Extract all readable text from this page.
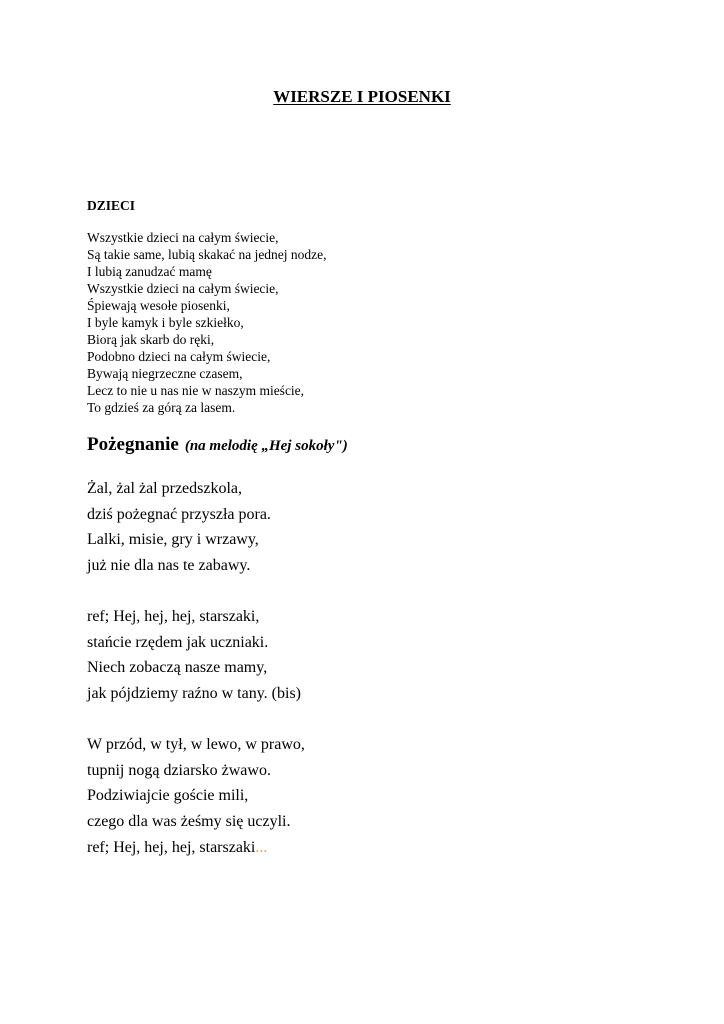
WIERSZE I PIOSENKI
DZIECI
Wszystkie dzieci na całym świecie,
Są takie same, lubią skakać na jednej nodze,
I lubią zanudzać mamę
Wszystkie dzieci na całym świecie,
Śpiewają wesołe piosenki,
I byle kamyk i byle szkiełko,
Biorą jak skarb do ręki,
Podobno dzieci na całym świecie,
Bywają niegrzeczne czasem,
Lecz to nie u nas nie w naszym mieście,
To gdzieś za górą za lasem.
Pożegnanie (na melodię „Hej sokoły")
Żal, żal żal przedszkola,
dziś pożegnać przyszła pora.
Lalki, misie, gry i wrzawy,
już nie dla nas te zabawy.
ref; Hej, hej, hej, starszaki,
stańcie rzędem jak uczniaki.
Niech zobaczą nasze mamy,
jak pójdziemy raźno w tany. (bis)
W przód, w tył, w lewo, w prawo,
tupnij nogą dziarsko żwawo.
Podziwiajcie goście mili,
czego dla was żeśmy się uczyli.
ref; Hej, hej, hej, starszaki...
